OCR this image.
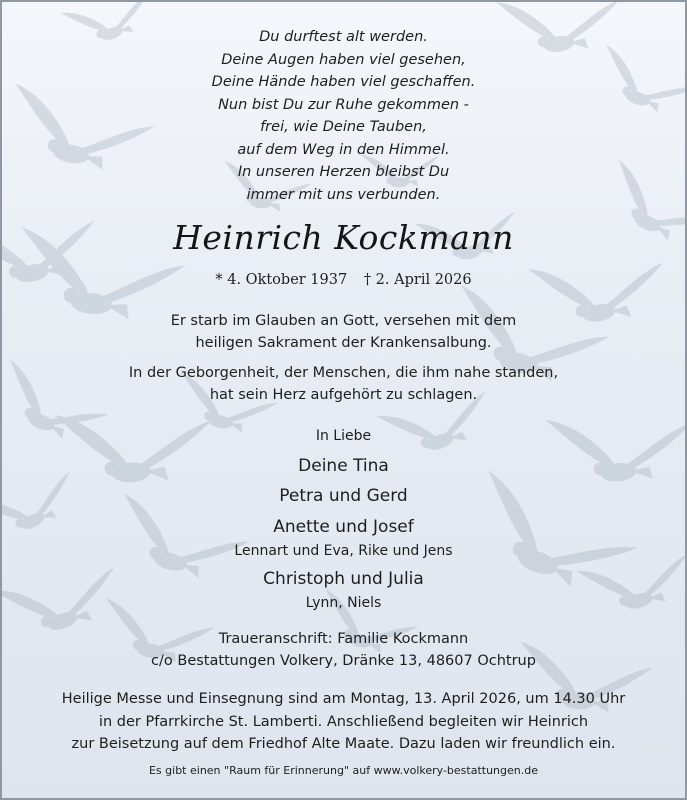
Du durftest alt werden.
Deine Augen haben viel gesehen,
Deine Hände haben viel geschaffen.
Nun bist Du zur Ruhe gekommen -
frei, wie Deine Tauben,
auf dem Weg in den Himmel.
In unseren Herzen bleibst Du
immer mit uns verbunden.
Heinrich Kockmann
* 4. Oktober 1937 † 2. April 2026
Er starb im Glauben an Gott, versehen mit dem
heiligen Sakrament der Krankensalbung.
In der Geborgenheit, der Menschen, die ihm nahe standen,
hat sein Herz aufgehört zu schlagen.
In Liebe
Deine Tina
Petra und Gerd
Anette und Josef
Lennart und Eva, Rike und Jens
Christoph und Julia
Lynn, Niels
Traueranschrift: Familie Kockmann
c/o Bestattungen Volkery, Dränke 13, 48607 Ochtrup
Heilige Messe und Einsegnung sind am Montag, 13. April 2026, um 14.30 Uhr
in der Pfarrkirche St. Lamberti. Anschließend begleiten wir Heinrich
zur Beisetzung auf dem Friedhof Alte Maate. Dazu laden wir freundlich ein.
Es gibt einen "Raum für Erinnerung" auf www.volkery-bestattungen.de
